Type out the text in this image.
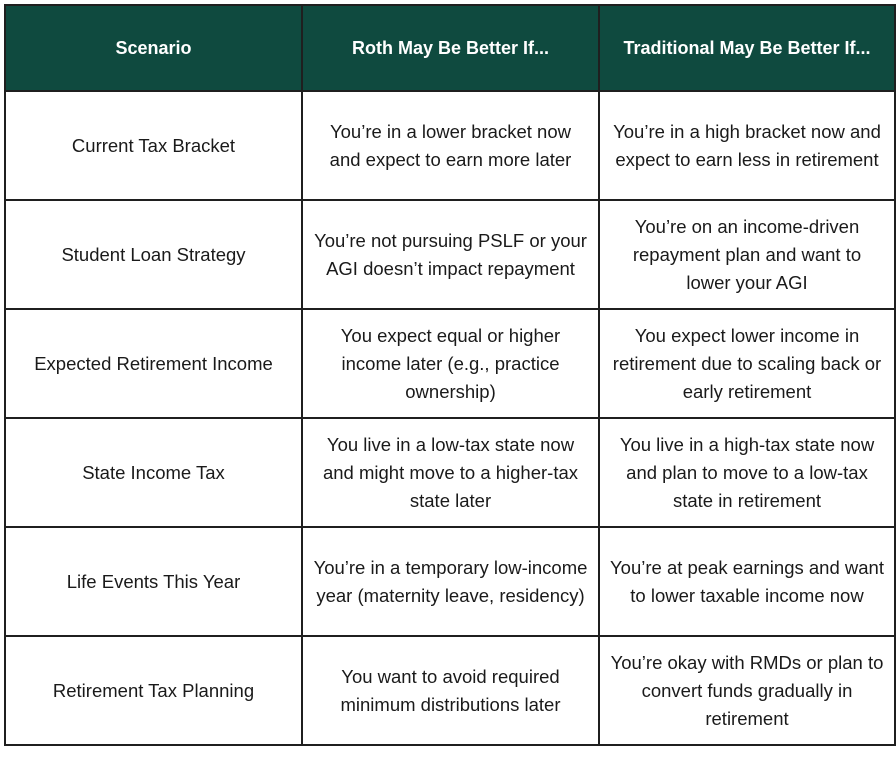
Scenario	Roth May Be Better If...	Traditional May Be Better If...
Current Tax Bracket	You’re in a lower bracket now and expect to earn more later	You’re in a high bracket now and expect to earn less in retirement
Student Loan Strategy	You’re not pursuing PSLF or your AGI doesn’t impact repayment	You’re on an income-driven repayment plan and want to lower your AGI
Expected Retirement Income	You expect equal or higher income later (e.g., practice ownership)	You expect lower income in retirement due to scaling back or early retirement
State Income Tax	You live in a low-tax state now and might move to a higher-tax state later	You live in a high-tax state now and plan to move to a low-tax state in retirement
Life Events This Year	You’re in a temporary low-income year (maternity leave, residency)	You’re at peak earnings and want to lower taxable income now
Retirement Tax Planning	You want to avoid required minimum distributions later	You’re okay with RMDs or plan to convert funds gradually in retirement
